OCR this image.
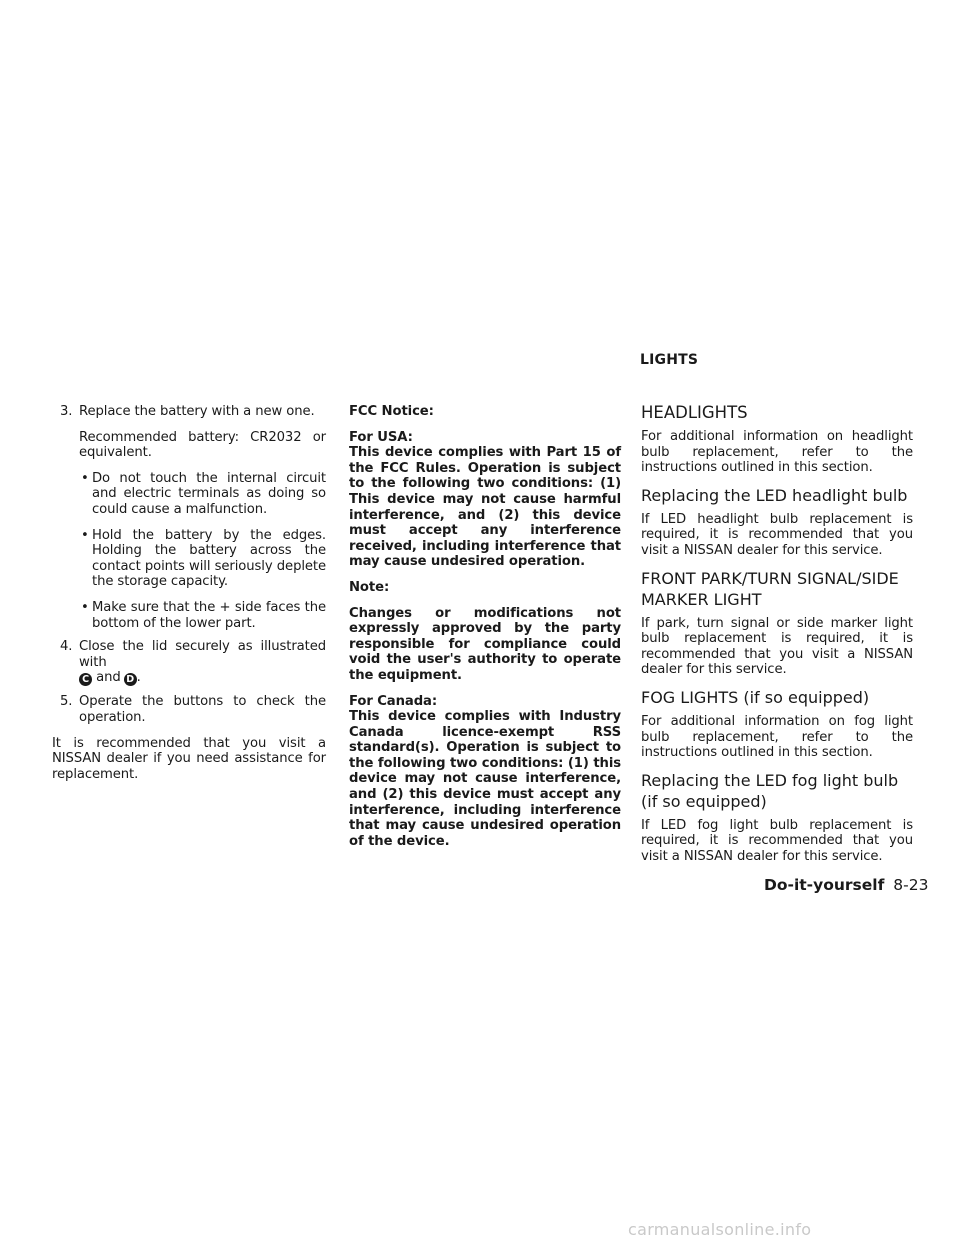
LIGHTS
3. Replace the battery with a new one.
Recommended battery: CR2032 or equivalent.
• Do not touch the internal circuit and electric terminals as doing so could cause a malfunction.
• Hold the battery by the edges. Holding the battery across the contact points will seriously deplete the storage capacity.
• Make sure that the + side faces the bottom of the lower part.
4. Close the lid securely as illustrated with
C and D .
5. Operate the buttons to check the operation.
It is recommended that you visit a NISSAN dealer if you need assistance for replacement.
FCC Notice:
For USA:
This device complies with Part 15 of the FCC Rules. Operation is subject to the following two conditions: (1) This device may not cause harmful interference, and (2) this device must accept any interference received, including interference that may cause undesired operation.
Note:
Changes or modifications not expressly approved by the party responsible for compliance could void the user's authority to operate the equipment.
For Canada:
This device complies with Industry Canada licence-exempt RSS standard(s). Operation is subject to the following two conditions: (1) this device may not cause interference, and (2) this device must accept any interference, including interference that may cause undesired operation of the device.
HEADLIGHTS
For additional information on headlight bulb replacement, refer to the instructions outlined in this section.
Replacing the LED headlight bulb
If LED headlight bulb replacement is required, it is recommended that you visit a NISSAN dealer for this service.
FRONT PARK/TURN SIGNAL/SIDE MARKER LIGHT
If park, turn signal or side marker light bulb replacement is required, it is recommended that you visit a NISSAN dealer for this service.
FOG LIGHTS (if so equipped)
For additional information on fog light bulb replacement, refer to the instructions outlined in this section.
Replacing the LED fog light bulb (if so equipped)
If LED fog light bulb replacement is required, it is recommended that you visit a NISSAN dealer for this service.
Do-it-yourself 8-23
carmanualsonline.info
